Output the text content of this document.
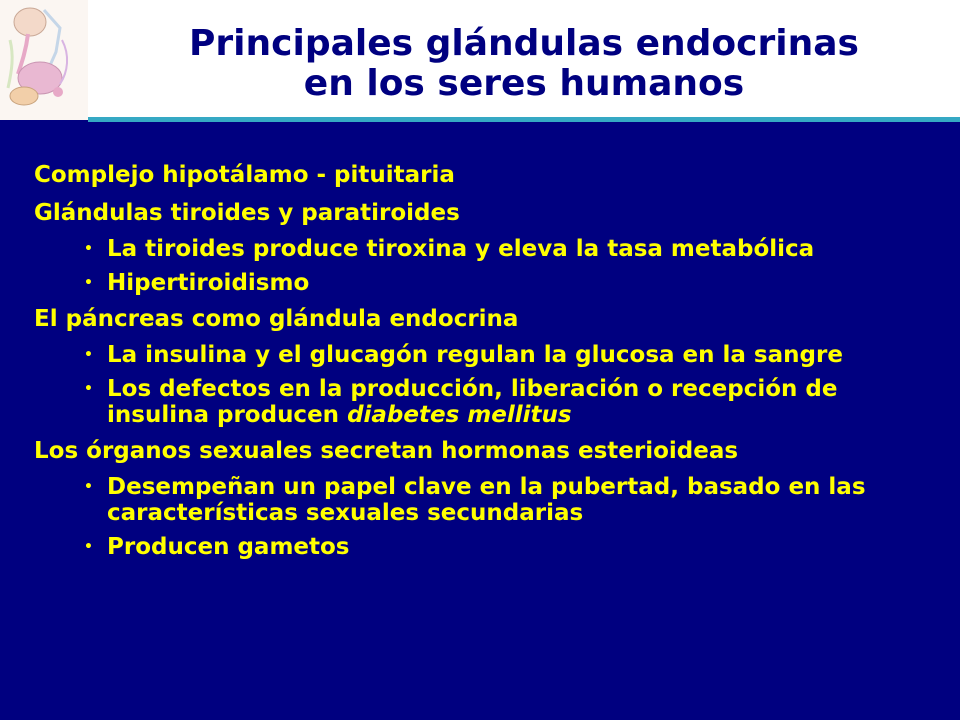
Principales glándulas endocrinas
en los seres humanos
Complejo hipotálamo - pituitaria
Glándulas tiroides y paratiroides
• La tiroides produce tiroxina y eleva la tasa metabólica
• Hipertiroidismo
El páncreas como glándula endocrina
• La insulina y el glucagón regulan la glucosa en la sangre
• Los defectos en la producción, liberación o recepción de insulina producen diabetes mellitus
Los órganos sexuales secretan hormonas esterioideas
• Desempeñan un papel clave en la pubertad, basado en las características sexuales secundarias
• Producen gametos
